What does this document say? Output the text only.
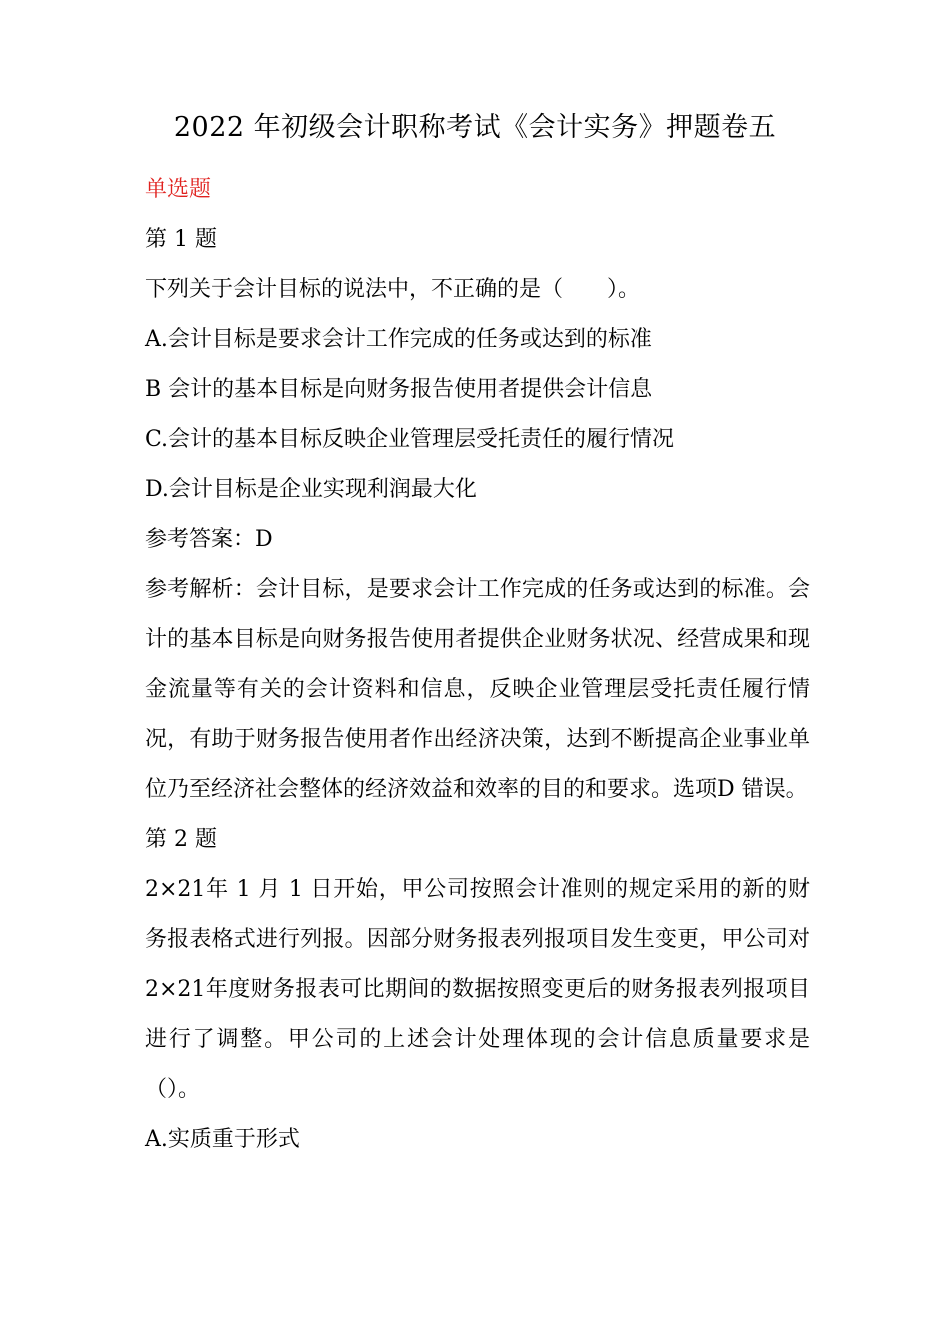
2022 年初级会计职称考试《会计实务》押题卷五

单选题

第 1 题

下列关于会计目标的说法中，不正确的是（　　）。

A.会计目标是要求会计工作完成的任务或达到的标准

B 会计的基本目标是向财务报告使用者提供会计信息

C.会计的基本目标反映企业管理层受托责任的履行情况

D.会计目标是企业实现利润最大化

参考答案：D

参考解析：会计目标，是要求会计工作完成的任务或达到的标准。会计的基本目标是向财务报告使用者提供企业财务状况、经营成果和现金流量等有关的会计资料和信息，反映企业管理层受托责任履行情况，有助于财务报告使用者作出经济决策，达到不断提高企业事业单位乃至经济社会整体的经济效益和效率的目的和要求。选项D 错误。

第 2 题

2×21年 1 月 1 日开始，甲公司按照会计准则的规定采用的新的财务报表格式进行列报。因部分财务报表列报项目发生变更，甲公司对 2×21年度财务报表可比期间的数据按照变更后的财务报表列报项目进行了调整。甲公司的上述会计处理体现的会计信息质量要求是（）。

A.实质重于形式
